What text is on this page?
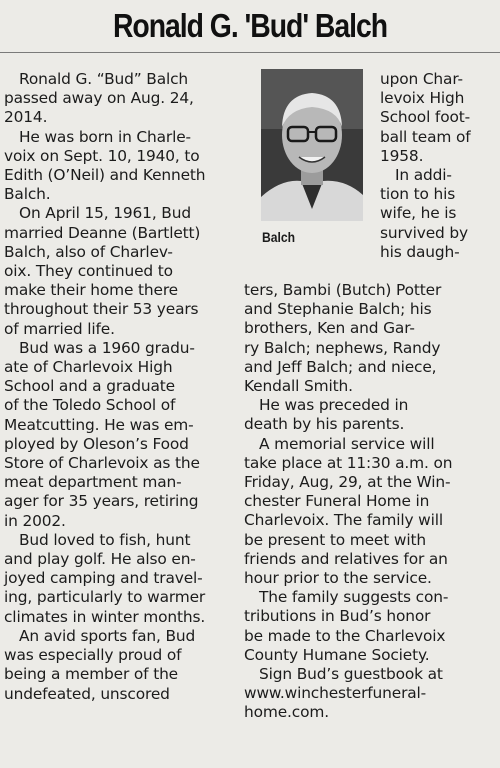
Ronald G. 'Bud' Balch
Ronald G. “Bud” Balch
passed away on Aug. 24,
2014.
He was born in Charle-
voix on Sept. 10, 1940, to
Edith (O’Neil) and Kenneth
Balch.
On April 15, 1961, Bud
married Deanne (Bartlett)
Balch, also of Charlev-
oix. They continued to
make their home there
throughout their 53 years
of married life.
Bud was a 1960 gradu-
ate of Charlevoix High
School and a graduate
of the Toledo School of
Meatcutting. He was em-
ployed by Oleson’s Food
Store of Charlevoix as the
meat department man-
ager for 35 years, retiring
in 2002.
Bud loved to fish, hunt
and play golf. He also en-
joyed camping and travel-
ing, particularly to warmer
climates in winter months.
An avid sports fan, Bud
was especially proud of
being a member of the
undefeated, unscored
Balch
upon Char-
levoix High
School foot-
ball team of
1958.
In addi-
tion to his
wife, he is
survived by
his daugh-
ters, Bambi (Butch) Potter
and Stephanie Balch; his
brothers, Ken and Gar-
ry Balch; nephews, Randy
and Jeff Balch; and niece,
Kendall Smith.
He was preceded in
death by his parents.
A memorial service will
take place at 11:30 a.m. on
Friday, Aug, 29, at the Win-
chester Funeral Home in
Charlevoix. The family will
be present to meet with
friends and relatives for an
hour prior to the service.
The family suggests con-
tributions in Bud’s honor
be made to the Charlevoix
County Humane Society.
Sign Bud’s guestbook at
www.winchesterfuneral-
home.com.
